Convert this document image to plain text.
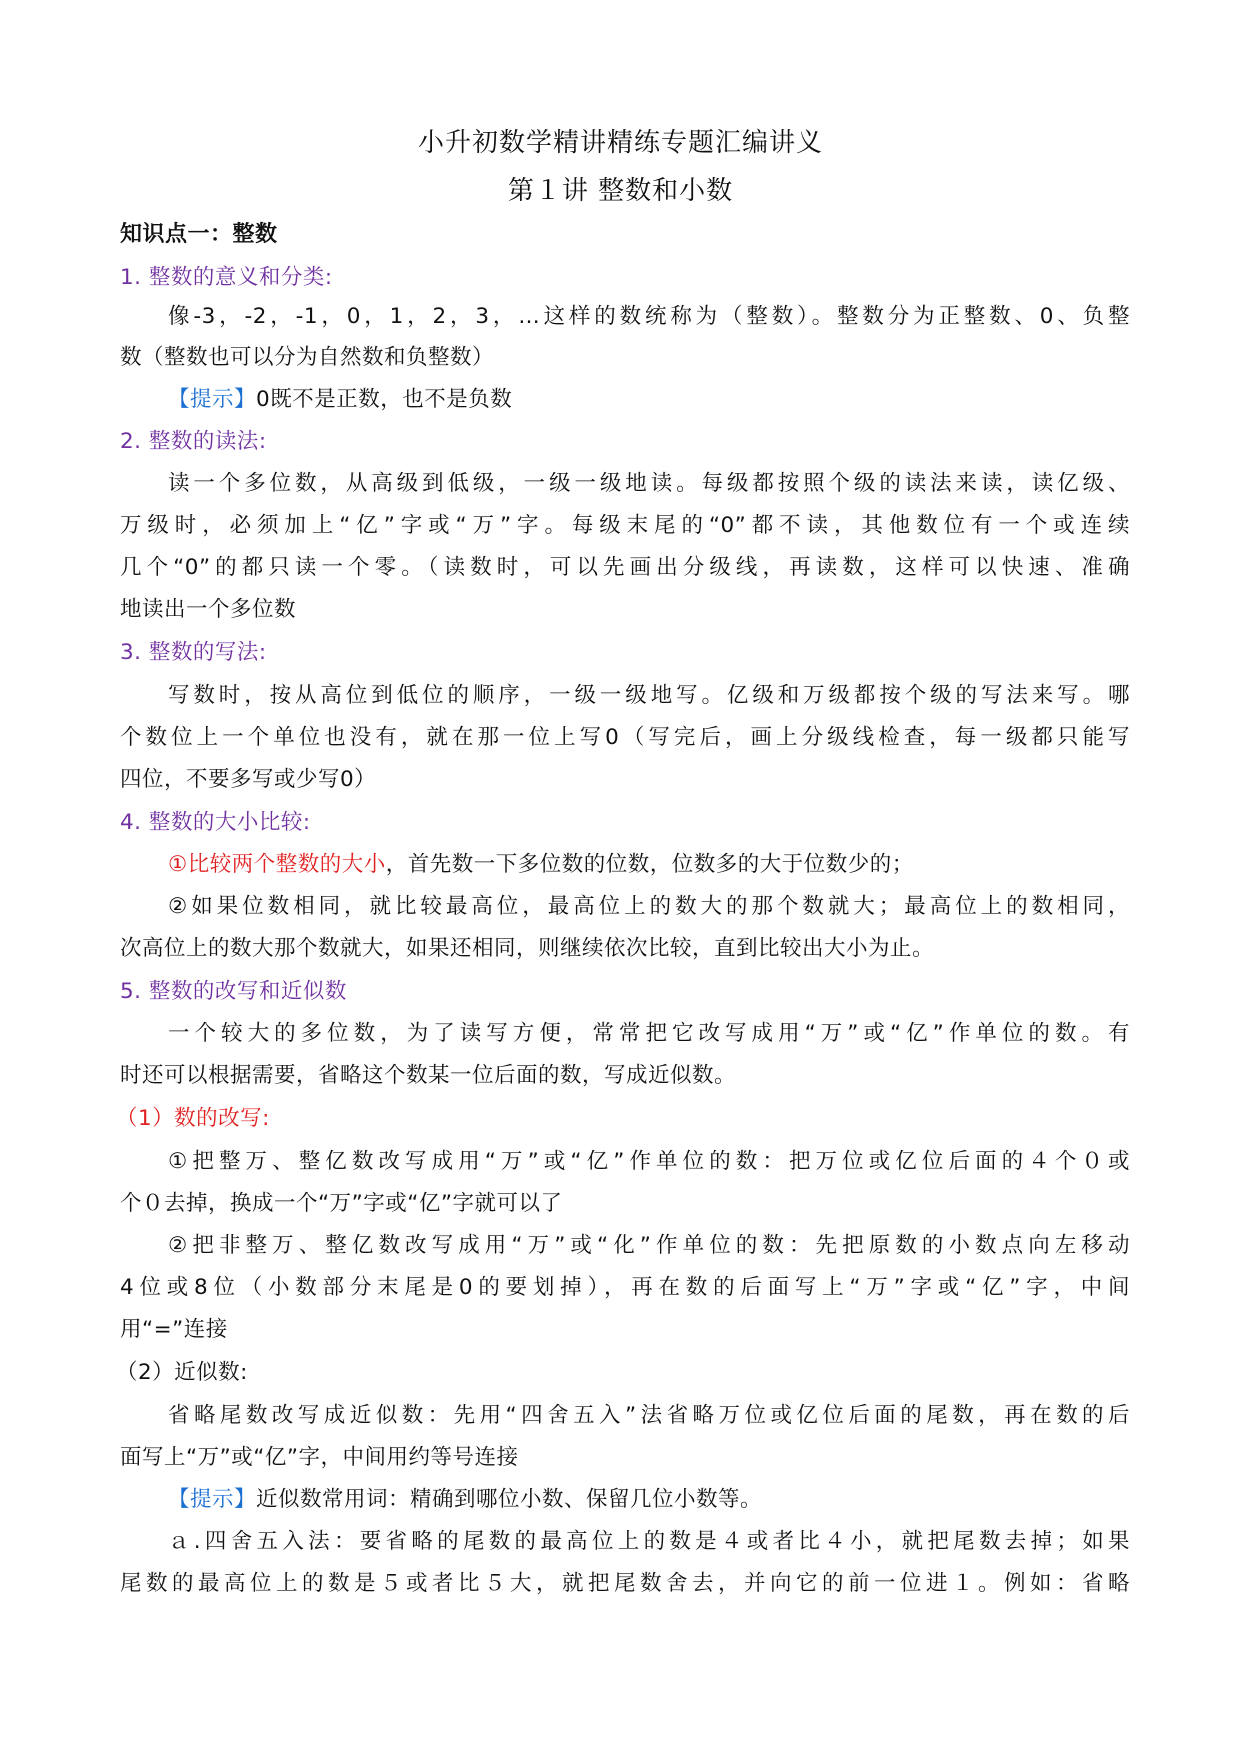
小升初数学精讲精练专题汇编讲义
第１讲 整数和小数
知识点一：整数
1. 整数的意义和分类:
像-3，-2，-1，0，1，2，3，…这样的数统称为（整数）。整数分为正整数、0、负整
数（整数也可以分为自然数和负整数）
【提示】0既不是正数，也不是负数
2. 整数的读法:
读一个多位数，从高级到低级，一级一级地读。每级都按照个级的读法来读，读亿级、
万级时，必须加上“亿”字或“万”字。每级末尾的“0”都不读，其他数位有一个或连续
几个“0”的都只读一个零。（读数时，可以先画出分级线，再读数，这样可以快速、准确
地读出一个多位数
3. 整数的写法:
写数时，按从高位到低位的顺序，一级一级地写。亿级和万级都按个级的写法来写。哪
个数位上一个单位也没有，就在那一位上写0（写完后，画上分级线检查，每一级都只能写
四位，不要多写或少写0）
4. 整数的大小比较:
①比较两个整数的大小，首先数一下多位数的位数，位数多的大于位数少的；
②如果位数相同，就比较最高位，最高位上的数大的那个数就大；最高位上的数相同，
次高位上的数大那个数就大，如果还相同，则继续依次比较，直到比较出大小为止。
5. 整数的改写和近似数
一个较大的多位数，为了读写方便，常常把它改写成用“万”或“亿”作单位的数。有
时还可以根据需要，省略这个数某一位后面的数，写成近似数。
（1）数的改写:
①把整万、整亿数改写成用“万”或“亿”作单位的数：把万位或亿位后面的４个０或
个０去掉，换成一个“万”字或“亿”字就可以了
②把非整万、整亿数改写成用“万”或“化”作单位的数：先把原数的小数点向左移动
4位或8位（小数部分末尾是0的要划掉），再在数的后面写上“万”字或“亿”字，中间
用“=”连接
（2）近似数:
省略尾数改写成近似数：先用“四舍五入”法省略万位或亿位后面的尾数，再在数的后
面写上“万”或“亿”字，中间用约等号连接
【提示】近似数常用词：精确到哪位小数、保留几位小数等。
ａ.四舍五入法：要省略的尾数的最高位上的数是４或者比４小，就把尾数去掉；如果
尾数的最高位上的数是５或者比５大，就把尾数舍去，并向它的前一位进１。例如：省略
